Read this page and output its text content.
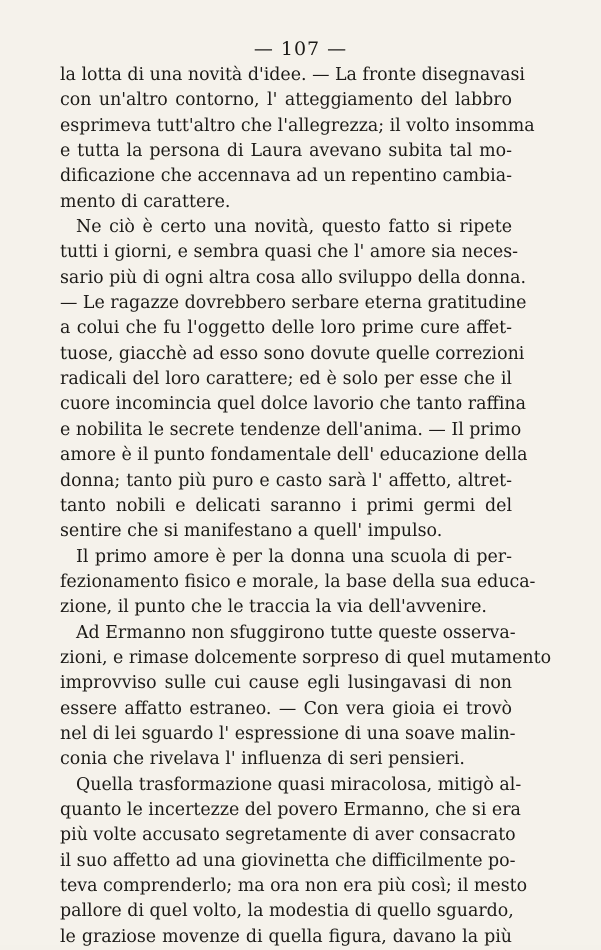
— 107 —
la lotta di una novità d'idee. — La fronte disegnavasi
con un'altro contorno, l' atteggiamento del labbro
esprimeva tutt'altro che l'allegrezza; il volto insomma
e tutta la persona di Laura avevano subita tal mo-
dificazione che accennava ad un repentino cambia-
mento di carattere.
Ne ciò è certo una novità, questo fatto si ripete
tutti i giorni, e sembra quasi che l' amore sia neces-
sario più di ogni altra cosa allo sviluppo della donna.
— Le ragazze dovrebbero serbare eterna gratitudine
a colui che fu l'oggetto delle loro prime cure affet-
tuose, giacchè ad esso sono dovute quelle correzioni
radicali del loro carattere; ed è solo per esse che il
cuore incomincia quel dolce lavorio che tanto raffina
e nobilita le secrete tendenze dell'anima. — Il primo
amore è il punto fondamentale dell' educazione della
donna; tanto più puro e casto sarà l' affetto, altret-
tanto nobili e delicati saranno i primi germi del
sentire che si manifestano a quell' impulso.
Il primo amore è per la donna una scuola di per-
fezionamento fisico e morale, la base della sua educa-
zione, il punto che le traccia la via dell'avvenire.
Ad Ermanno non sfuggirono tutte queste osserva-
zioni, e rimase dolcemente sorpreso di quel mutamento
improvviso sulle cui cause egli lusingavasi di non
essere affatto estraneo. — Con vera gioia ei trovò
nel di lei sguardo l' espressione di una soave malin-
conia che rivelava l' influenza di seri pensieri.
Quella trasformazione quasi miracolosa, mitigò al-
quanto le incertezze del povero Ermanno, che si era
più volte accusato segretamente di aver consacrato
il suo affetto ad una giovinetta che difficilmente po-
teva comprenderlo; ma ora non era più così; il mesto
pallore di quel volto, la modestia di quello sguardo,
le graziose movenze di quella figura, davano la più
